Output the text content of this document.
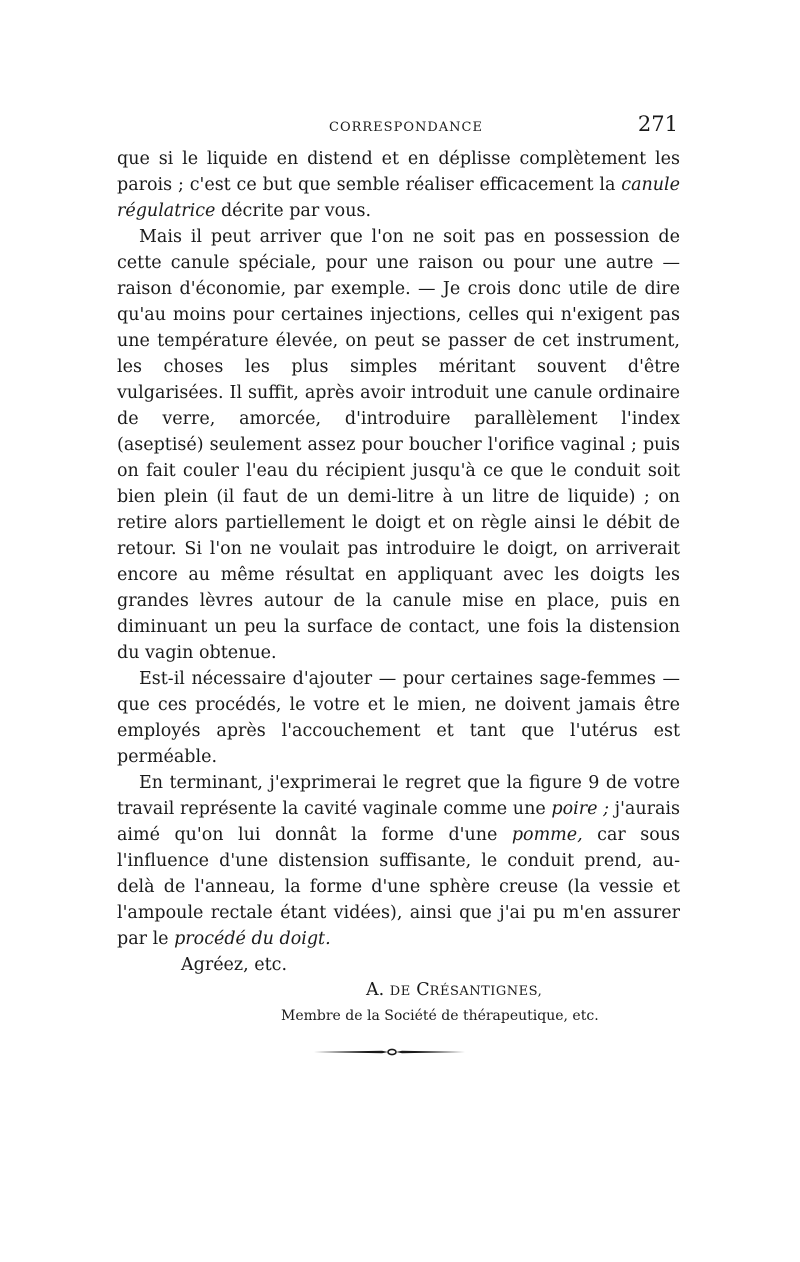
CORRESPONDANCE	271

que si le liquide en distend et en déplisse complètement les parois ; c'est ce but que semble réaliser efficacement la canule régulatrice décrite par vous.

Mais il peut arriver que l'on ne soit pas en possession de cette canule spéciale, pour une raison ou pour une autre — raison d'économie, par exemple. — Je crois donc utile de dire qu'au moins pour certaines injections, celles qui n'exigent pas une température élevée, on peut se passer de cet instrument, les choses les plus simples méritant souvent d'être vulgarisées. Il suffit, après avoir introduit une canule ordinaire de verre, amorcée, d'introduire parallèlement l'index (aseptisé) seulement assez pour boucher l'orifice vaginal ; puis on fait couler l'eau du récipient jusqu'à ce que le conduit soit bien plein (il faut de un demi-litre à un litre de liquide) ; on retire alors partiellement le doigt et on règle ainsi le débit de retour. Si l'on ne voulait pas introduire le doigt, on arriverait encore au même résultat en appliquant avec les doigts les grandes lèvres autour de la canule mise en place, puis en diminuant un peu la surface de contact, une fois la distension du vagin obtenue.

Est-il nécessaire d'ajouter — pour certaines sage-femmes — que ces procédés, le votre et le mien, ne doivent jamais être employés après l'accouchement et tant que l'utérus est perméable.

En terminant, j'exprimerai le regret que la figure 9 de votre travail représente la cavité vaginale comme une poire ; j'aurais aimé qu'on lui donnât la forme d'une pomme, car sous l'influence d'une distension suffisante, le conduit prend, au-delà de l'anneau, la forme d'une sphère creuse (la vessie et l'ampoule rectale étant vidées), ainsi que j'ai pu m'en assurer par le procédé du doigt.

Agréez, etc.
A. DE CRÉSANTIGNES,
Membre de la Société de thérapeutique, etc.
